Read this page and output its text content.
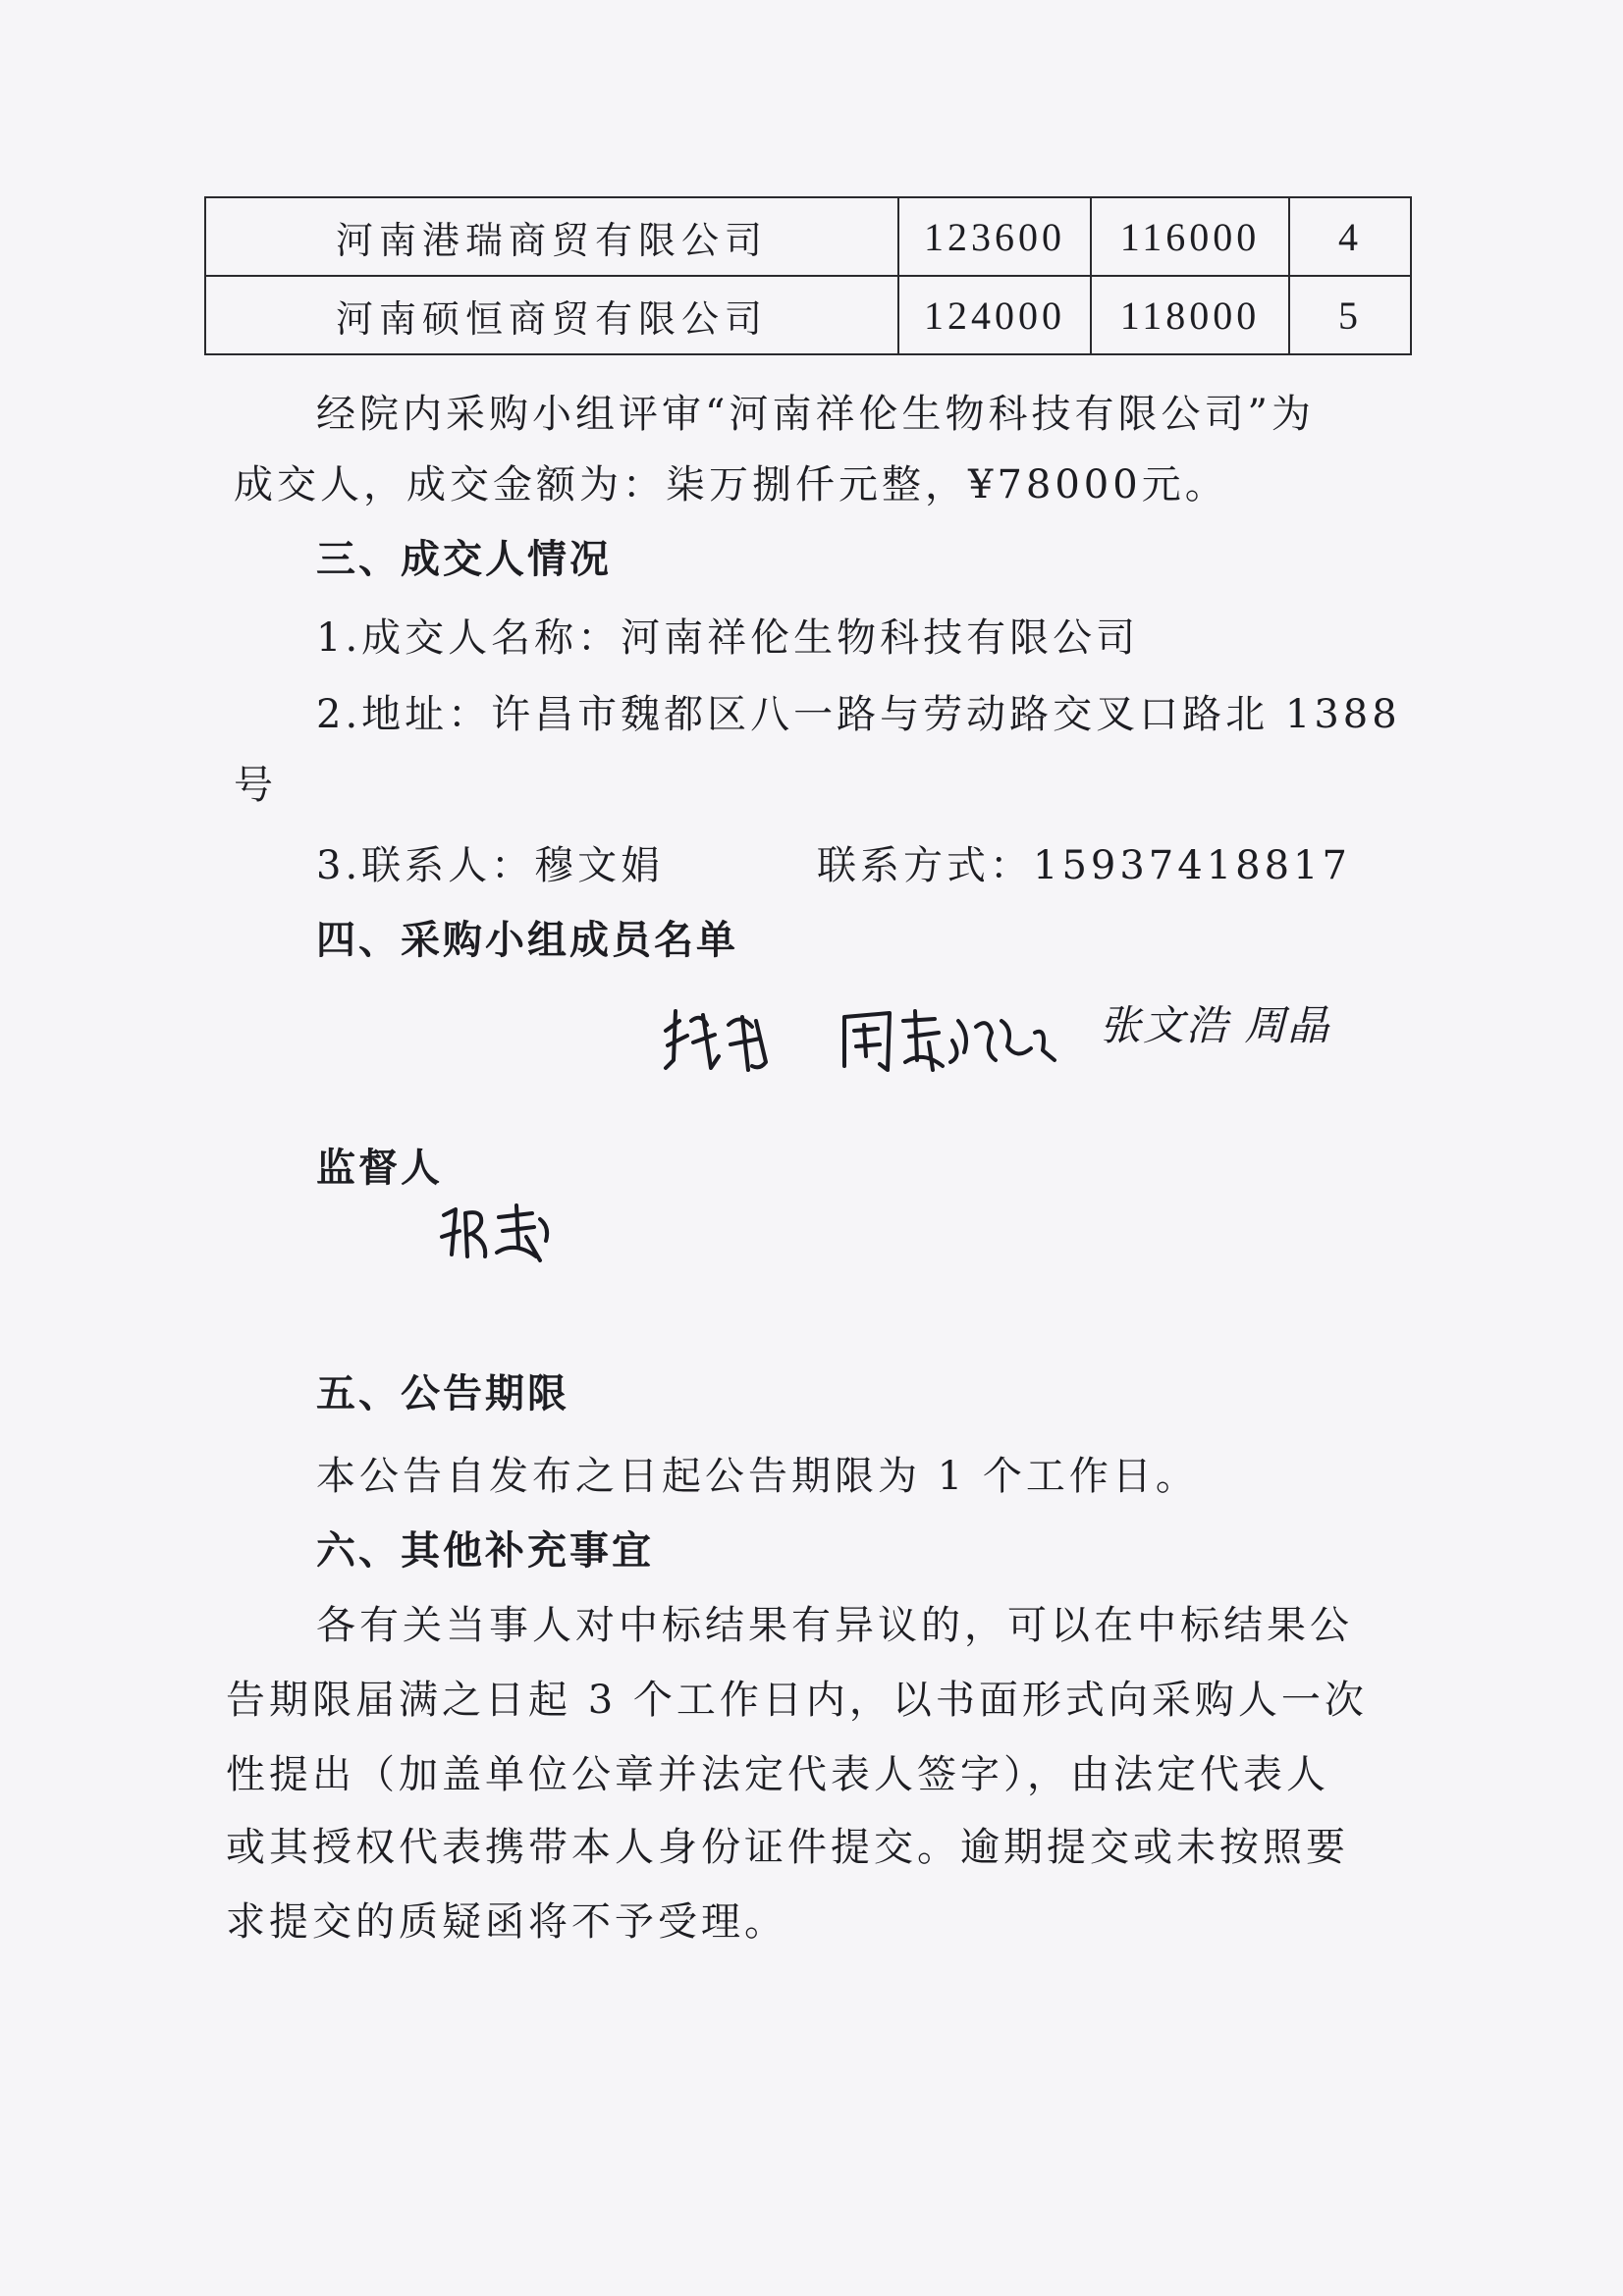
河南港瑞商贸有限公司	123600	116000	4
河南硕恒商贸有限公司	124000	118000	5
经院内采购小组评审“河南祥伦生物科技有限公司”为
成交人，成交金额为：柒万捌仟元整，¥78000元。
三、成交人情况
1.成交人名称：河南祥伦生物科技有限公司
2.地址：许昌市魏都区八一路与劳动路交叉口路北 1388
号
3.联系人：穆文娟	联系方式：15937418817
四、采购小组成员名单
张文浩 周晶
监督人
五、公告期限
本公告自发布之日起公告期限为 1 个工作日。
六、其他补充事宜
各有关当事人对中标结果有异议的，可以在中标结果公
告期限届满之日起 3 个工作日内，以书面形式向采购人一次
性提出（加盖单位公章并法定代表人签字），由法定代表人
或其授权代表携带本人身份证件提交。逾期提交或未按照要
求提交的质疑函将不予受理。
